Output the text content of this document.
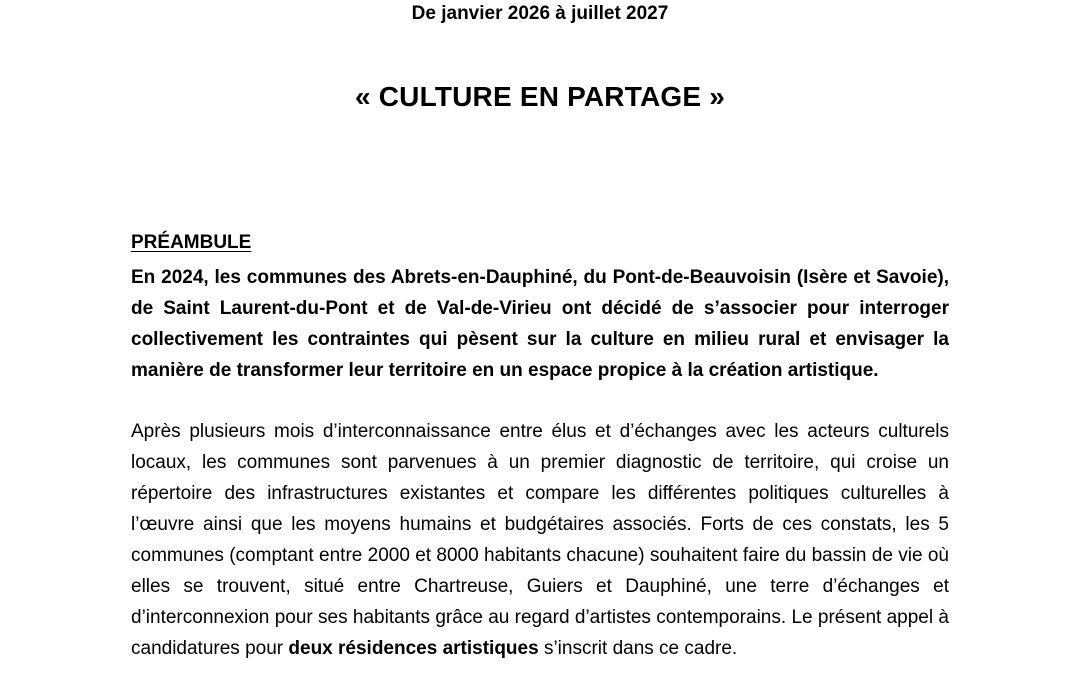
De janvier 2026 à juillet 2027
« CULTURE EN PARTAGE »
PRÉAMBULE

En 2024, les communes des Abrets-en-Dauphiné, du Pont-de-Beauvoisin (Isère et Savoie), de Saint Laurent-du-Pont et de Val-de-Virieu ont décidé de s’associer pour interroger collectivement les contraintes qui pèsent sur la culture en milieu rural et envisager la manière de transformer leur territoire en un espace propice à la création artistique.

Après plusieurs mois d’interconnaissance entre élus et d’échanges avec les acteurs culturels locaux, les communes sont parvenues à un premier diagnostic de territoire, qui croise un répertoire des infrastructures existantes et compare les différentes politiques culturelles à l’œuvre ainsi que les moyens humains et budgétaires associés. Forts de ces constats, les 5 communes (comptant entre 2000 et 8000 habitants chacune) souhaitent faire du bassin de vie où elles se trouvent, situé entre Chartreuse, Guiers et Dauphiné, une terre d’échanges et d’interconnexion pour ses habitants grâce au regard d’artistes contemporains. Le présent appel à candidatures pour deux résidences artistiques s’inscrit dans ce cadre.
